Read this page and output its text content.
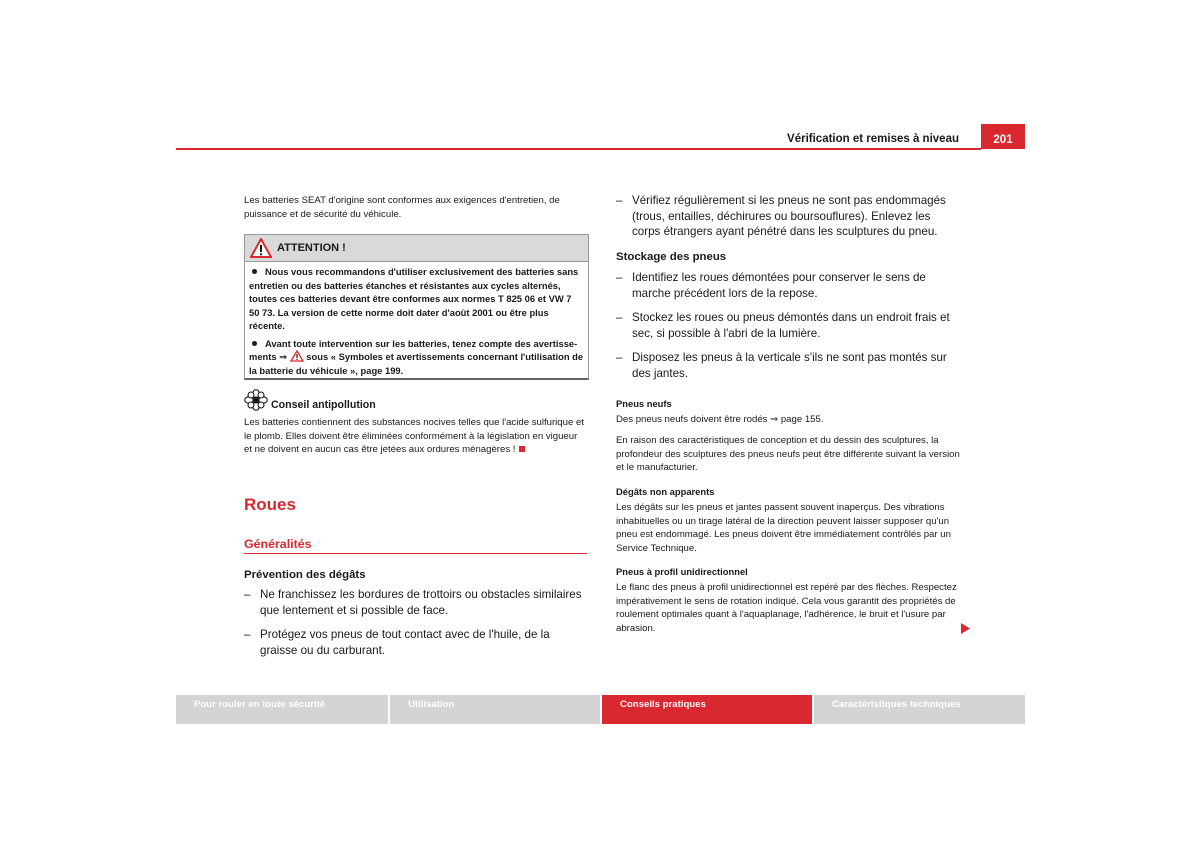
Vérification et remises à niveau	201

Les batteries SEAT d'origine sont conformes aux exigences d'entretien, de puissance et de sécurité du véhicule.

ATTENTION !

Nous vous recommandons d'utiliser exclusivement des batteries sans entretien ou des batteries étanches et résistantes aux cycles alternés, toutes ces batteries devant être conformes aux normes T 825 06 et VW 7 50 73. La version de cette norme doit dater d'août 2001 ou être plus récente.

Avant toute intervention sur les batteries, tenez compte des avertisse-ments ⇒ sous « Symboles et avertissements concernant l'utilisation de la batterie du véhicule », page 199.

Conseil antipollution

Les batteries contiennent des substances nocives telles que l'acide sulfurique et le plomb. Elles doivent être éliminées conformément à la législation en vigueur et ne doivent en aucun cas être jetées aux ordures ménagères !

Roues
Généralités
Prévention des dégâts

– Ne franchissez les bordures de trottoirs ou obstacles similaires que lentement et si possible de face.

– Protégez vos pneus de tout contact avec de l'huile, de la graisse ou du carburant.

– Vérifiez régulièrement si les pneus ne sont pas endommagés (trous, entailles, déchirures ou boursouflures). Enlevez les corps étrangers ayant pénétré dans les sculptures du pneu.

Stockage des pneus

– Identifiez les roues démontées pour conserver le sens de marche précédent lors de la repose.

– Stockez les roues ou pneus démontés dans un endroit frais et sec, si possible à l'abri de la lumière.

– Disposez les pneus à la verticale s'ils ne sont pas montés sur des jantes.

Pneus neufs

Des pneus neufs doivent être rodés ⇒ page 155.

En raison des caractéristiques de conception et du dessin des sculptures, la profondeur des sculptures des pneus neufs peut être différente suivant la version et le manufacturier.

Dégâts non apparents

Les dégâts sur les pneus et jantes passent souvent inaperçus. Des vibrations inhabituelles ou un tirage latéral de la direction peuvent laisser supposer qu'un pneu est endommagé. Les pneus doivent être immédiatement contrôlés par un Service Technique.

Pneus à profil unidirectionnel

Le flanc des pneus à profil unidirectionnel est repéré par des flèches. Respectez impérativement le sens de rotation indiqué. Cela vous garantit des propriétés de roulement optimales quant à l'aquaplanage, l'adhérence, le bruit et l'usure par abrasion.

Pour rouler en toute sécurité	Utilisation	Conseils pratiques	Caractéristiques techniques
